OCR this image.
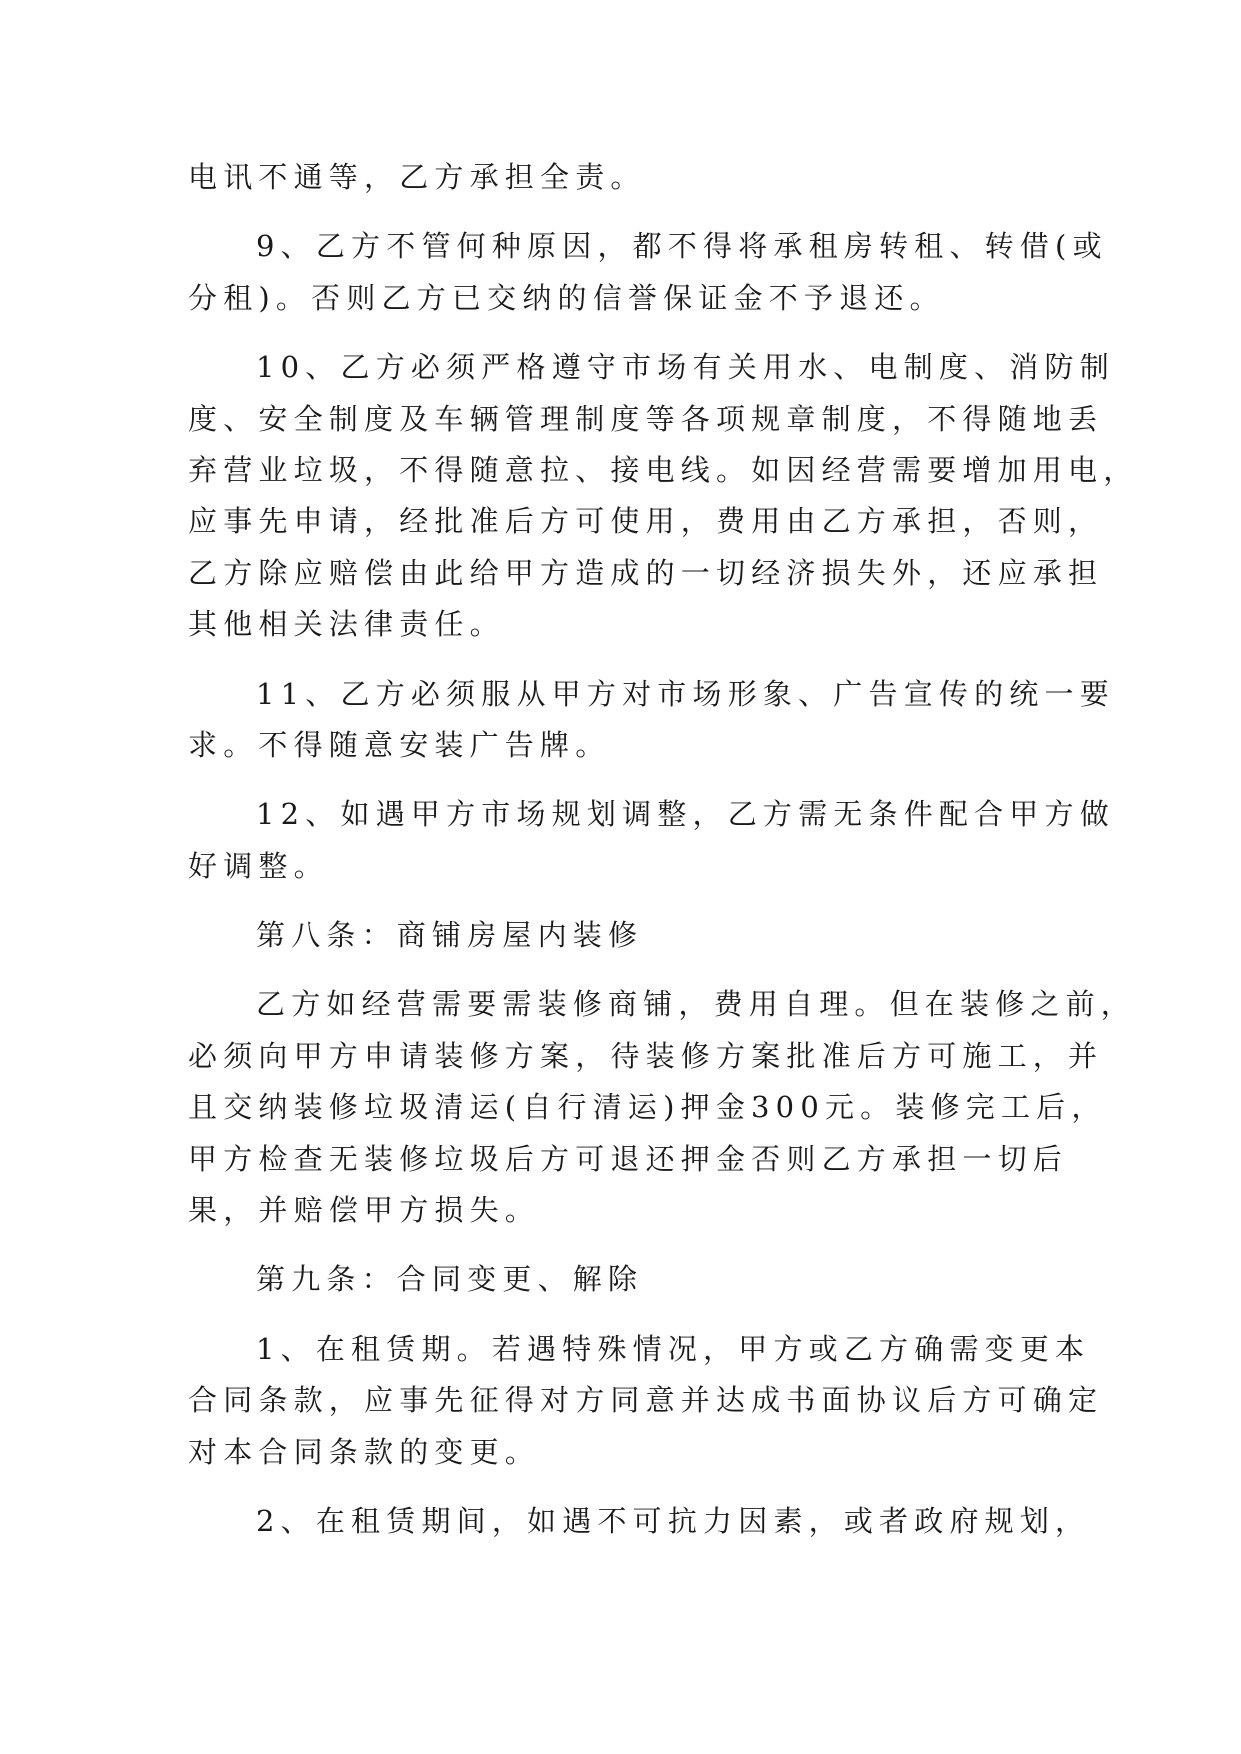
电讯不通等，乙方承担全责。
9、乙方不管何种原因，都不得将承租房转租、转借(或
分租)。否则乙方已交纳的信誉保证金不予退还。
10、乙方必须严格遵守市场有关用水、电制度、消防制
度、安全制度及车辆管理制度等各项规章制度，不得随地丢
弃营业垃圾，不得随意拉、接电线。如因经营需要增加用电，
应事先申请，经批准后方可使用，费用由乙方承担，否则，
乙方除应赔偿由此给甲方造成的一切经济损失外，还应承担
其他相关法律责任。
11、乙方必须服从甲方对市场形象、广告宣传的统一要
求。不得随意安装广告牌。
12、如遇甲方市场规划调整，乙方需无条件配合甲方做
好调整。
第八条：商铺房屋内装修
乙方如经营需要需装修商铺，费用自理。但在装修之前，
必须向甲方申请装修方案，待装修方案批准后方可施工，并
且交纳装修垃圾清运(自行清运)押金300元。装修完工后，
甲方检查无装修垃圾后方可退还押金否则乙方承担一切后
果，并赔偿甲方损失。
第九条：合同变更、解除
1、在租赁期。若遇特殊情况，甲方或乙方确需变更本
合同条款，应事先征得对方同意并达成书面协议后方可确定
对本合同条款的变更。
2、在租赁期间，如遇不可抗力因素，或者政府规划，
